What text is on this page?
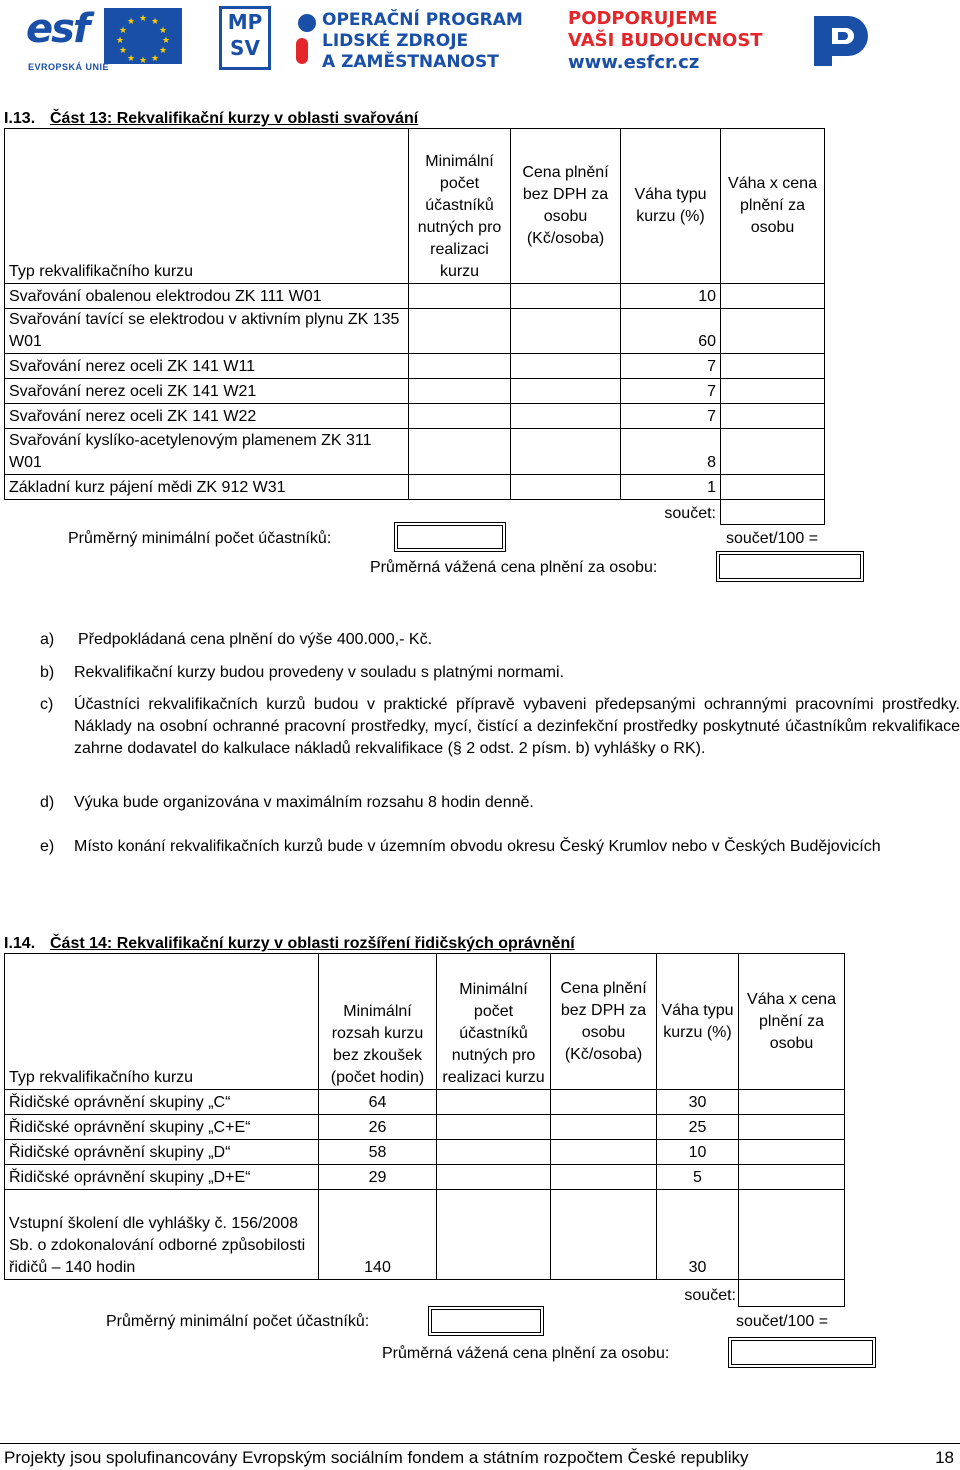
esf	★ ★
★
★
★
★
★
★
★
★
★
★
EVROPSKÁ UNIE
MP
SV
OPERAČNÍ PROGRAM
LIDSKÉ ZDROJE
A ZAMĚSTNANOST
PODPORUJEME
VAŠI BUDOUCNOST
www.esfcr.cz
I.13. Část 13: Rekvalifikační kurzy v oblasti svařování
Typ rekvalifikačního kurzu	Minimální počet účastníků nutných pro realizaci kurzu	Cena plnění bez DPH za osobu (Kč/osoba)	Váha typu kurzu (%)	Váha x cena plnění za osobu	
Svařování obalenou elektrodou ZK 111 W01			10		
Svařování tavící se elektrodou v aktivním plynu ZK 135 W01			60		
Svařování nerez oceli ZK 141 W11			7		
Svařování nerez oceli ZK 141 W21			7		
Svařování nerez oceli ZK 141 W22			7		
Svařování kyslíko-acetylenovým plamenem ZK 311 W01			8		
Základní kurz pájení mědi ZK 912 W31			1		
			součet:		
Průměrný minimální počet účastníků:	součet/100 =
Průměrná vážená cena plnění za osobu:
a) Předpokládaná cena plnění do výše 400.000,- Kč.
b) Rekvalifikační kurzy budou provedeny v souladu s platnými normami.
c) Účastníci rekvalifikačních kurzů budou v praktické přípravě vybaveni předepsanými ochrannými pracovními prostředky. Náklady na osobní ochranné pracovní prostředky, mycí, čistící a dezinfekční prostředky poskytnuté účastníkům rekvalifikace zahrne dodavatel do kalkulace nákladů rekvalifikace (§ 2 odst. 2 písm. b) vyhlášky o RK).
d) Výuka bude organizována v maximálním rozsahu 8 hodin denně.
e) Místo konání rekvalifikačních kurzů bude v územním obvodu okresu Český Krumlov nebo v Českých Budějovicích
I.14. Část 14: Rekvalifikační kurzy v oblasti rozšíření řidičských oprávnění
Typ rekvalifikačního kurzu	Minimální rozsah kurzu bez zkoušek (počet hodin)	Minimální počet účastníků nutných pro realizaci kurzu	Cena plnění bez DPH za osobu (Kč/osoba)	Váha typu kurzu (%)	Váha x cena plnění za osobu	
Řidičské oprávnění skupiny „C“	64			30		
Řidičské oprávnění skupiny „C+E“	26			25		
Řidičské oprávnění skupiny „D“	58			10		
Řidičské oprávnění skupiny „D+E“	29			5		
Vstupní školení dle vyhlášky č. 156/2008 Sb. o zdokonalování odborné způsobilosti řidičů – 140 hodin	140			30		
				součet:		
Průměrný minimální počet účastníků:	součet/100 =
Průměrná vážená cena plnění za osobu:
Projekty jsou spolufinancovány Evropským sociálním fondem a státním rozpočtem České republiky	18
